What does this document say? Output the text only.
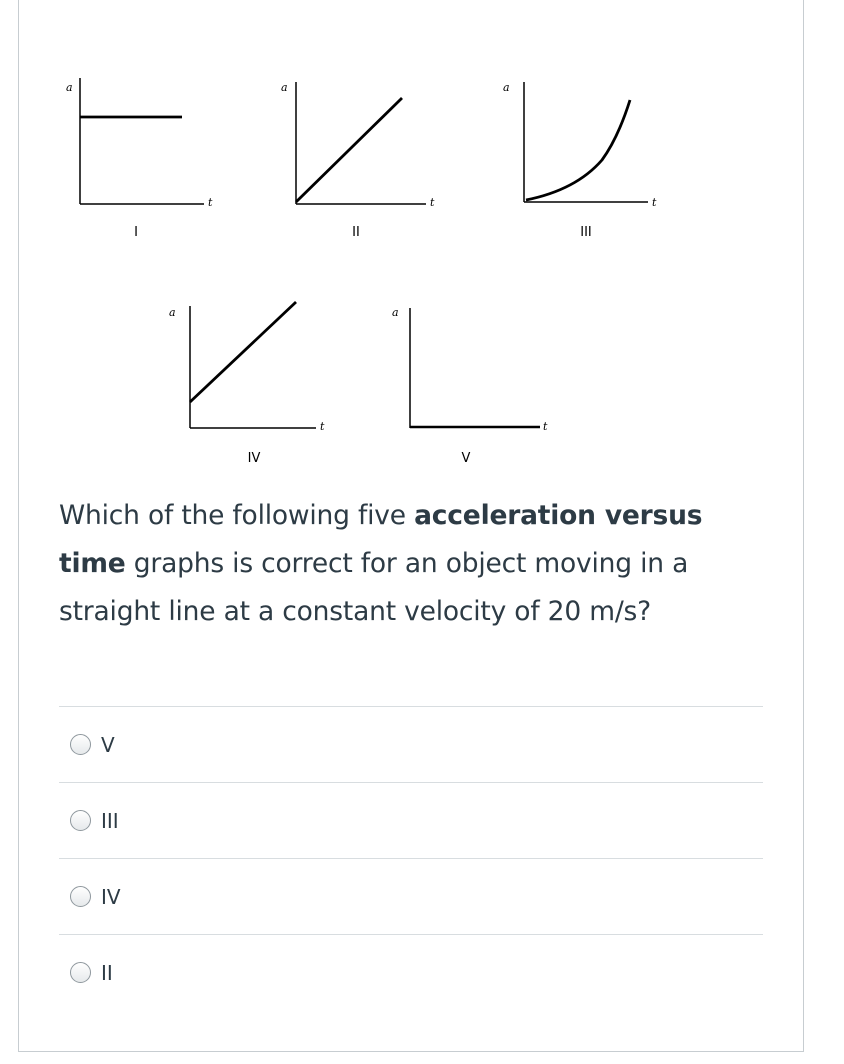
a
t
I
a
t
II
a
t
III
a
t
IV
a
t
V
Which of the following five acceleration versus time graphs is correct for an object moving in a straight line at a constant velocity of 20 m/s?
V
III
IV
II
